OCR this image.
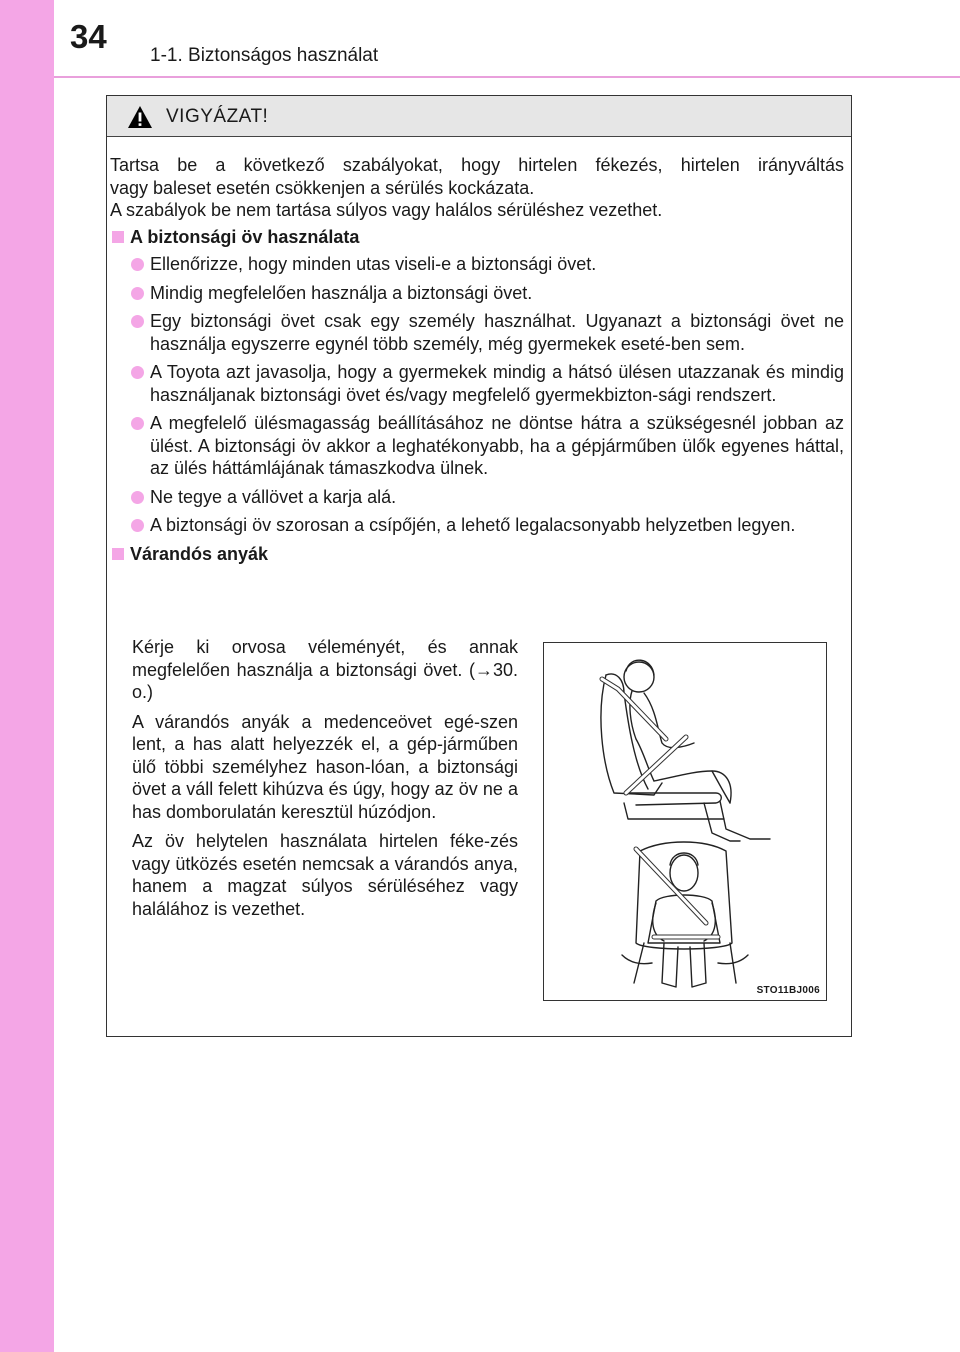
34
1-1. Biztonságos használat
VIGYÁZAT!

Tartsa be a következő szabályokat, hogy hirtelen fékezés, hirtelen irányváltás

vagy baleset esetén csökkenjen a sérülés kockázata.

A szabályok be nem tartása súlyos vagy halálos sérüléshez vezethet.

A biztonsági öv használata
Ellenőrizze, hogy minden utas viseli-e a biztonsági övet.
Mindig megfelelően használja a biztonsági övet.
Egy biztonsági övet csak egy személy használhat. Ugyanazt a biztonsági övet ne használja egyszerre egynél több személy, még gyermekek eseté-ben sem.
A Toyota azt javasolja, hogy a gyermekek mindig a hátsó ülésen utazzanak és mindig használjanak biztonsági övet és/vagy megfelelő gyermekbizton-sági rendszert.
A megfelelő ülésmagasság beállításához ne döntse hátra a szükségesnél jobban az ülést. A biztonsági öv akkor a leghatékonyabb, ha a gépjárműben ülők egyenes háttal, az ülés háttámlájának támaszkodva ülnek.
Ne tegye a vállövet a karja alá.
A biztonsági öv szorosan a csípőjén, a lehető legalacsonyabb helyzetben legyen.
Várandós anyák

Kérje ki orvosa véleményét, és annak megfelelően használja a biztonsági övet. (→30. o.)

A várandós anyák a medenceövet egé-szen lent, a has alatt helyezzék el, a gép-járműben ülő többi személyhez hason-lóan, a biztonsági övet a váll felett kihúzva és úgy, hogy az öv ne a has domborulatán keresztül húzódjon.

Az öv helytelen használata hirtelen féke-zés vagy ütközés esetén nemcsak a várandós anya, hanem a magzat súlyos sérüléséhez vagy halálához is vezethet.

STO11BJ006
